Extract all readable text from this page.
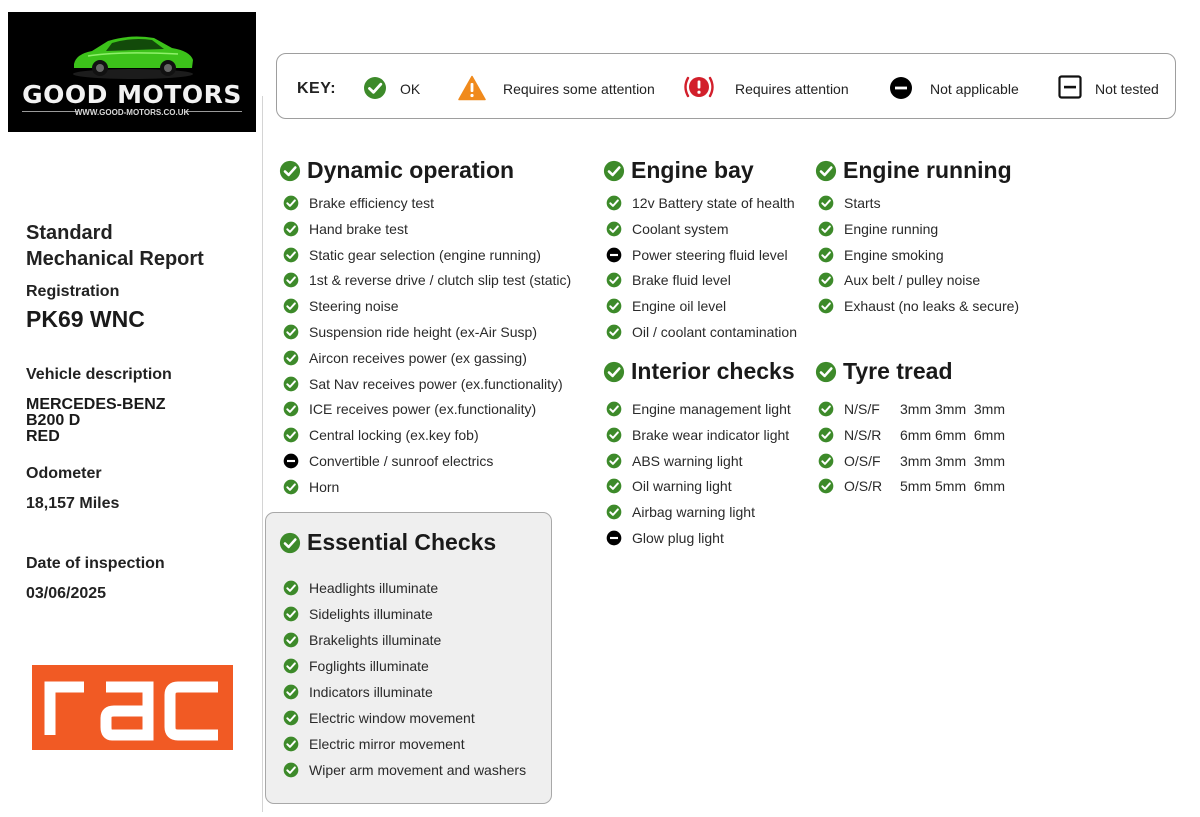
GOOD MOTORS
WWW.GOOD-MOTORS.CO.UK
KEY:	OK	Requires some attention	Requires attention	Not applicable	Not tested
Standard
Mechanical Report
Registration
PK69 WNC
Vehicle description
MERCEDES-BENZ
B200 D
RED
Odometer
18,157 Miles
Date of inspection
03/06/2025
Dynamic operation	Engine bay	Engine running
Interior checks Tyre tread
Essential Checks
Brake efficiency test
Hand brake test
Static gear selection (engine running)
1st & reverse drive / clutch slip test (static)
Steering noise
Suspension ride height (ex-Air Susp)
Aircon receives power (ex gassing)
Sat Nav receives power (ex.functionality)
ICE receives power (ex.functionality)
Central locking (ex.key fob)
Convertible / sunroof electrics
Horn
Headlights illuminate
Sidelights illuminate
Brakelights illuminate
Foglights illuminate
Indicators illuminate
Electric window movement
Electric mirror movement
Wiper arm movement and washers
12v Battery state of health
Coolant system
Power steering fluid level
Brake fluid level
Engine oil level
Oil / coolant contamination
Engine management light
Brake wear indicator light
ABS warning light
Oil warning light
Airbag warning light
Glow plug light
Starts
Engine running
Engine smoking
Aux belt / pulley noise
Exhaust (no leaks & secure)
N/S/F 3mm 3mm  3mm
N/S/R 6mm 6mm  6mm
O/S/F 3mm 3mm  3mm
O/S/R 5mm 5mm  6mm
